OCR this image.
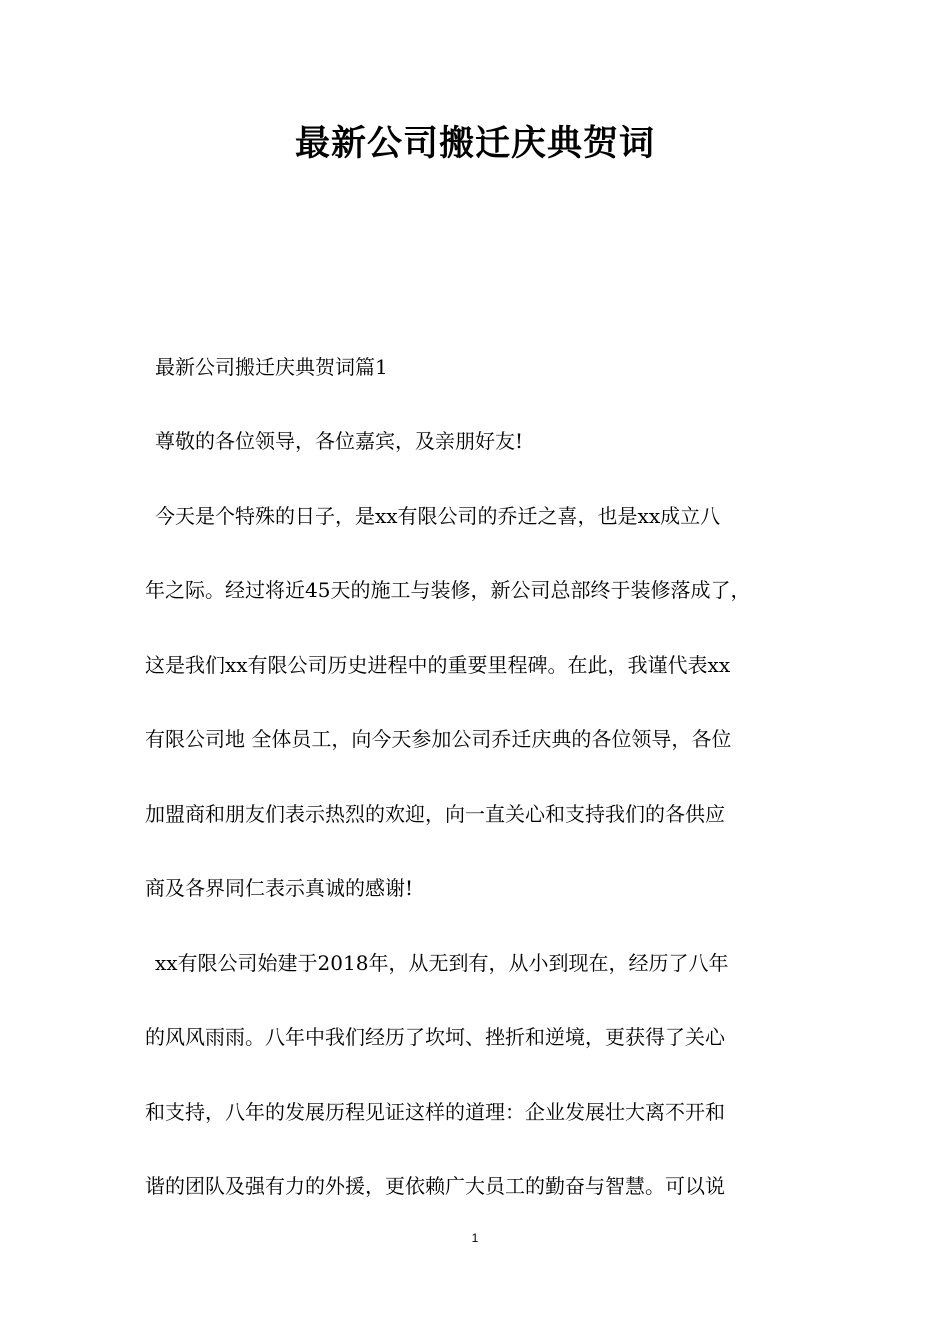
最新公司搬迁庆典贺词
最新公司搬迁庆典贺词篇1
尊敬的各位领导，各位嘉宾，及亲朋好友!
今天是个特殊的日子，是xx有限公司的乔迁之喜，也是xx成立八
年之际。经过将近45天的施工与装修，新公司总部终于装修落成了，
这是我们xx有限公司历史进程中的重要里程碑。在此，我谨代表xx
有限公司地 全体员工，向今天参加公司乔迁庆典的各位领导，各位
加盟商和朋友们表示热烈的欢迎，向一直关心和支持我们的各供应
商及各界同仁表示真诚的感谢!
xx有限公司始建于2018年，从无到有，从小到现在，经历了八年
的风风雨雨。八年中我们经历了坎坷、挫折和逆境，更获得了关心
和支持，八年的发展历程见证这样的道理：企业发展壮大离不开和
谐的团队及强有力的外援，更依赖广大员工的勤奋与智慧。可以说
1
